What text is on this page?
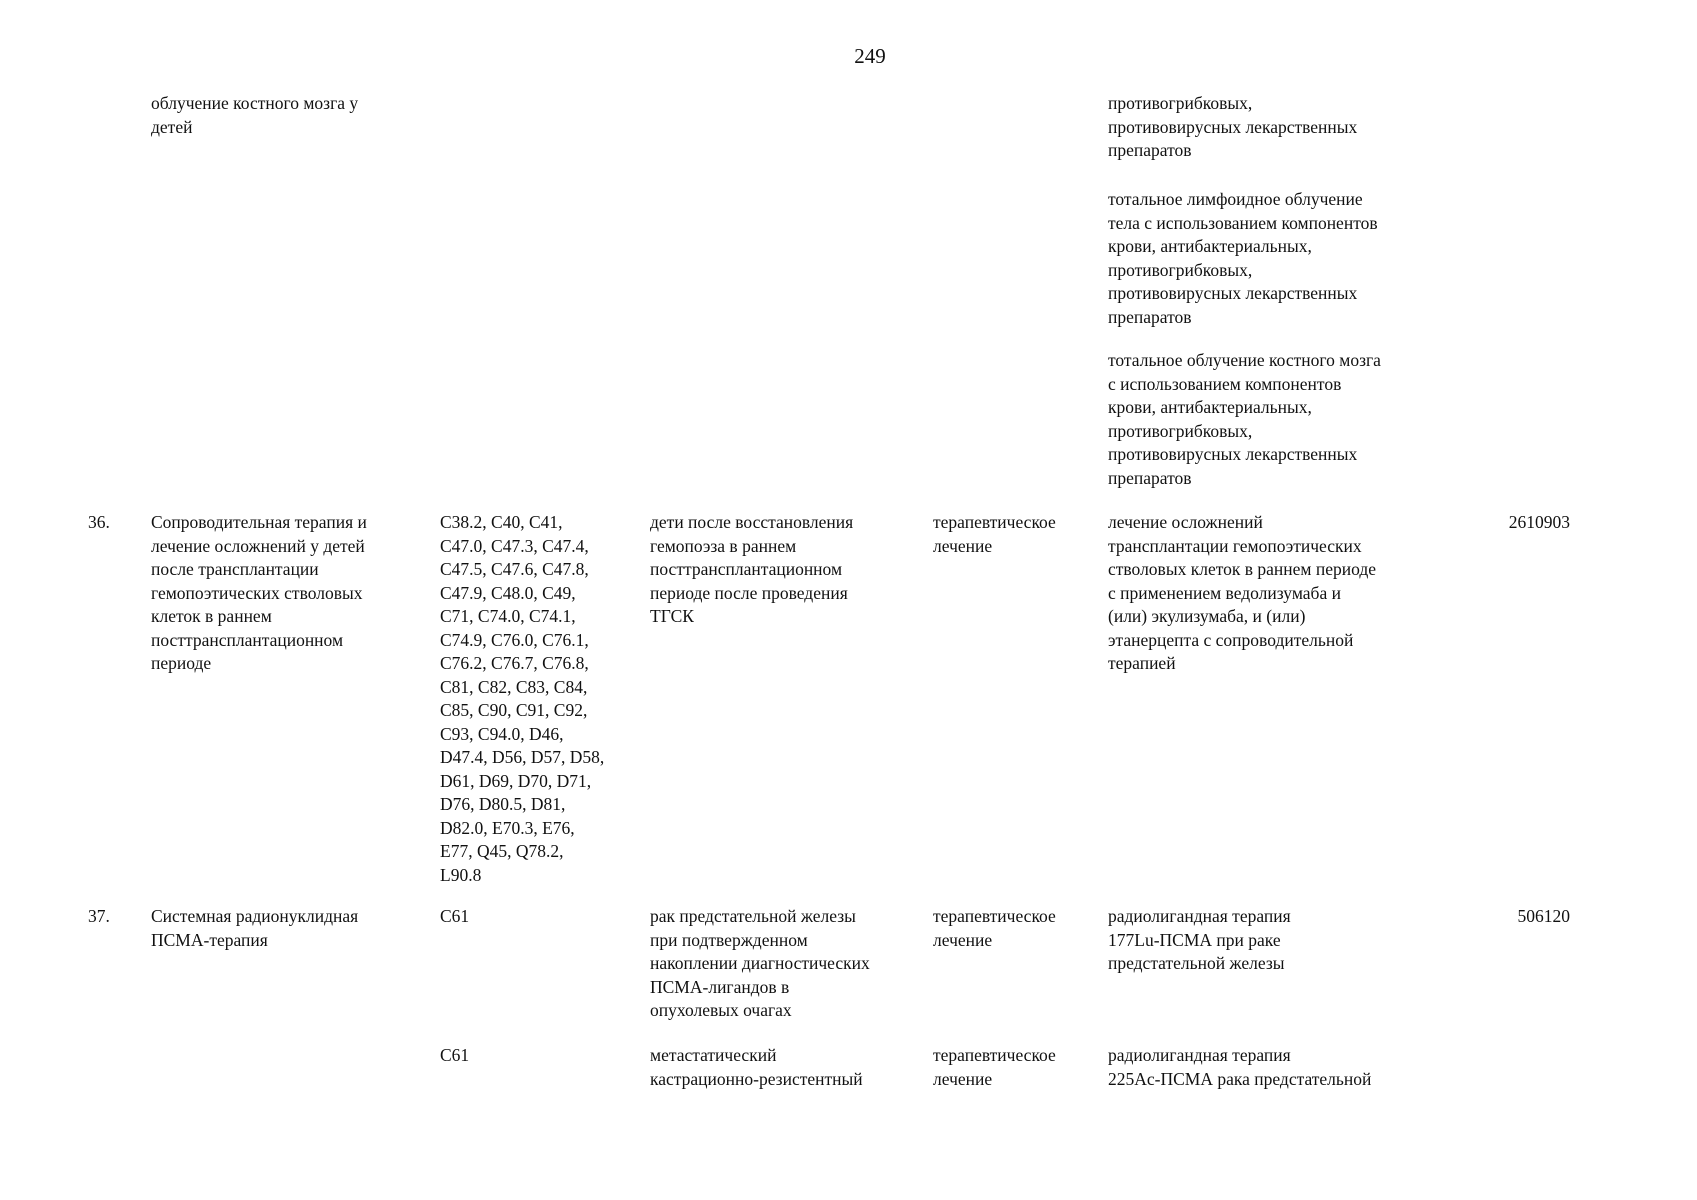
249

облучение костного мозга у
детей

противогрибковых,
противовирусных лекарственных
препаратов

тотальное лимфоидное облучение
тела с использованием компонентов
крови, антибактериальных,
противогрибковых,
противовирусных лекарственных
препаратов

тотальное облучение костного мозга
с использованием компонентов
крови, антибактериальных,
противогрибковых,
противовирусных лекарственных
препаратов

36. Сопроводительная терапия и
лечение осложнений у детей
после трансплантации
гемопоэтических стволовых
клеток в раннем
посттрансплантационном
периоде

C38.2, C40, C41,
C47.0, C47.3, C47.4,
C47.5, C47.6, C47.8,
C47.9, C48.0, C49,
C71, C74.0, C74.1,
C74.9, C76.0, C76.1,
C76.2, C76.7, C76.8,
C81, C82, C83, C84,
C85, C90, C91, C92,
C93, C94.0, D46,
D47.4, D56, D57, D58,
D61, D69, D70, D71,
D76, D80.5, D81,
D82.0, E70.3, E76,
E77, Q45, Q78.2,
L90.8

дети после восстановления
гемопоэза в раннем
посттрансплантационном
периоде после проведения
ТГСК

терапевтическое
лечение

лечение осложнений
трансплантации гемопоэтических
стволовых клеток в раннем периоде
с применением ведолизумаба и
(или) экулизумаба, и (или)
этанерцепта с сопроводительной
терапией

2610903

37. Системная радионуклидная
ПСМА-терапия

C61	рак предстательной железы
при подтвержденном
накоплении диагностических
ПСМА-лигандов в
опухолевых очагах

терапевтическое
лечение

радиолигандная терапия
177Lu-ПСМА при раке
предстательной железы

506120

C61	метастатический
кастрационно-резистентный

терапевтическое
лечение

радиолигандная терапия
225Ac-ПСМА рака предстательной
